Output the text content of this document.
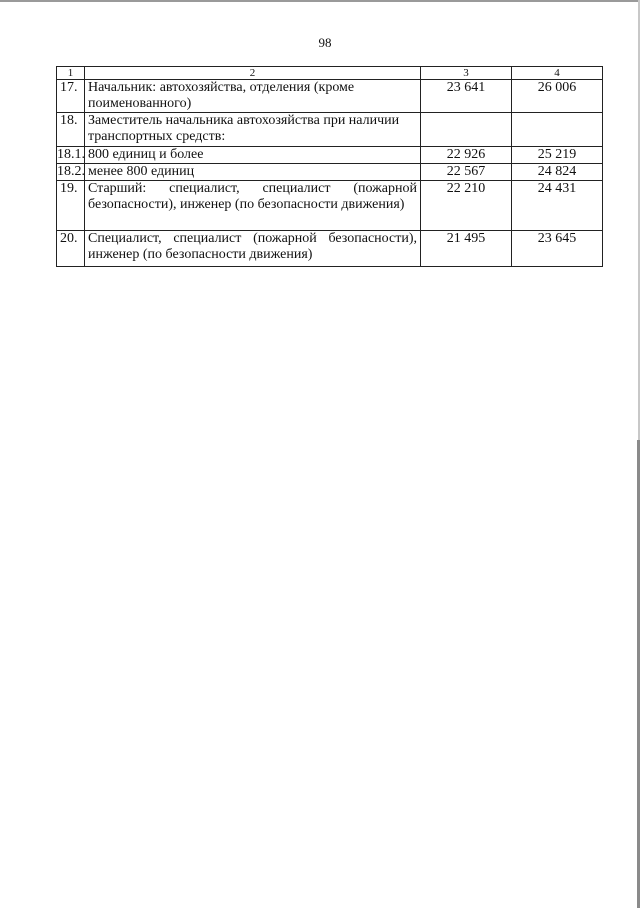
98
1	2	3	4
17.	Начальник: автохозяйства, отделения (кроме поименованного)	23 641	26 006
18.	Заместитель начальника автохозяйства при наличии транспортных средств:		
18.1.	800 единиц и более	22 926	25 219
18.2.	менее 800 единиц	22 567	24 824
19.	Старший: специалист, специалист (пожарной безопасности), инженер (по безопасности движения)	22 210	24 431
20.	Специалист, специалист (пожарной безопасности), инженер (по безопасности движения)	21 495	23 645
